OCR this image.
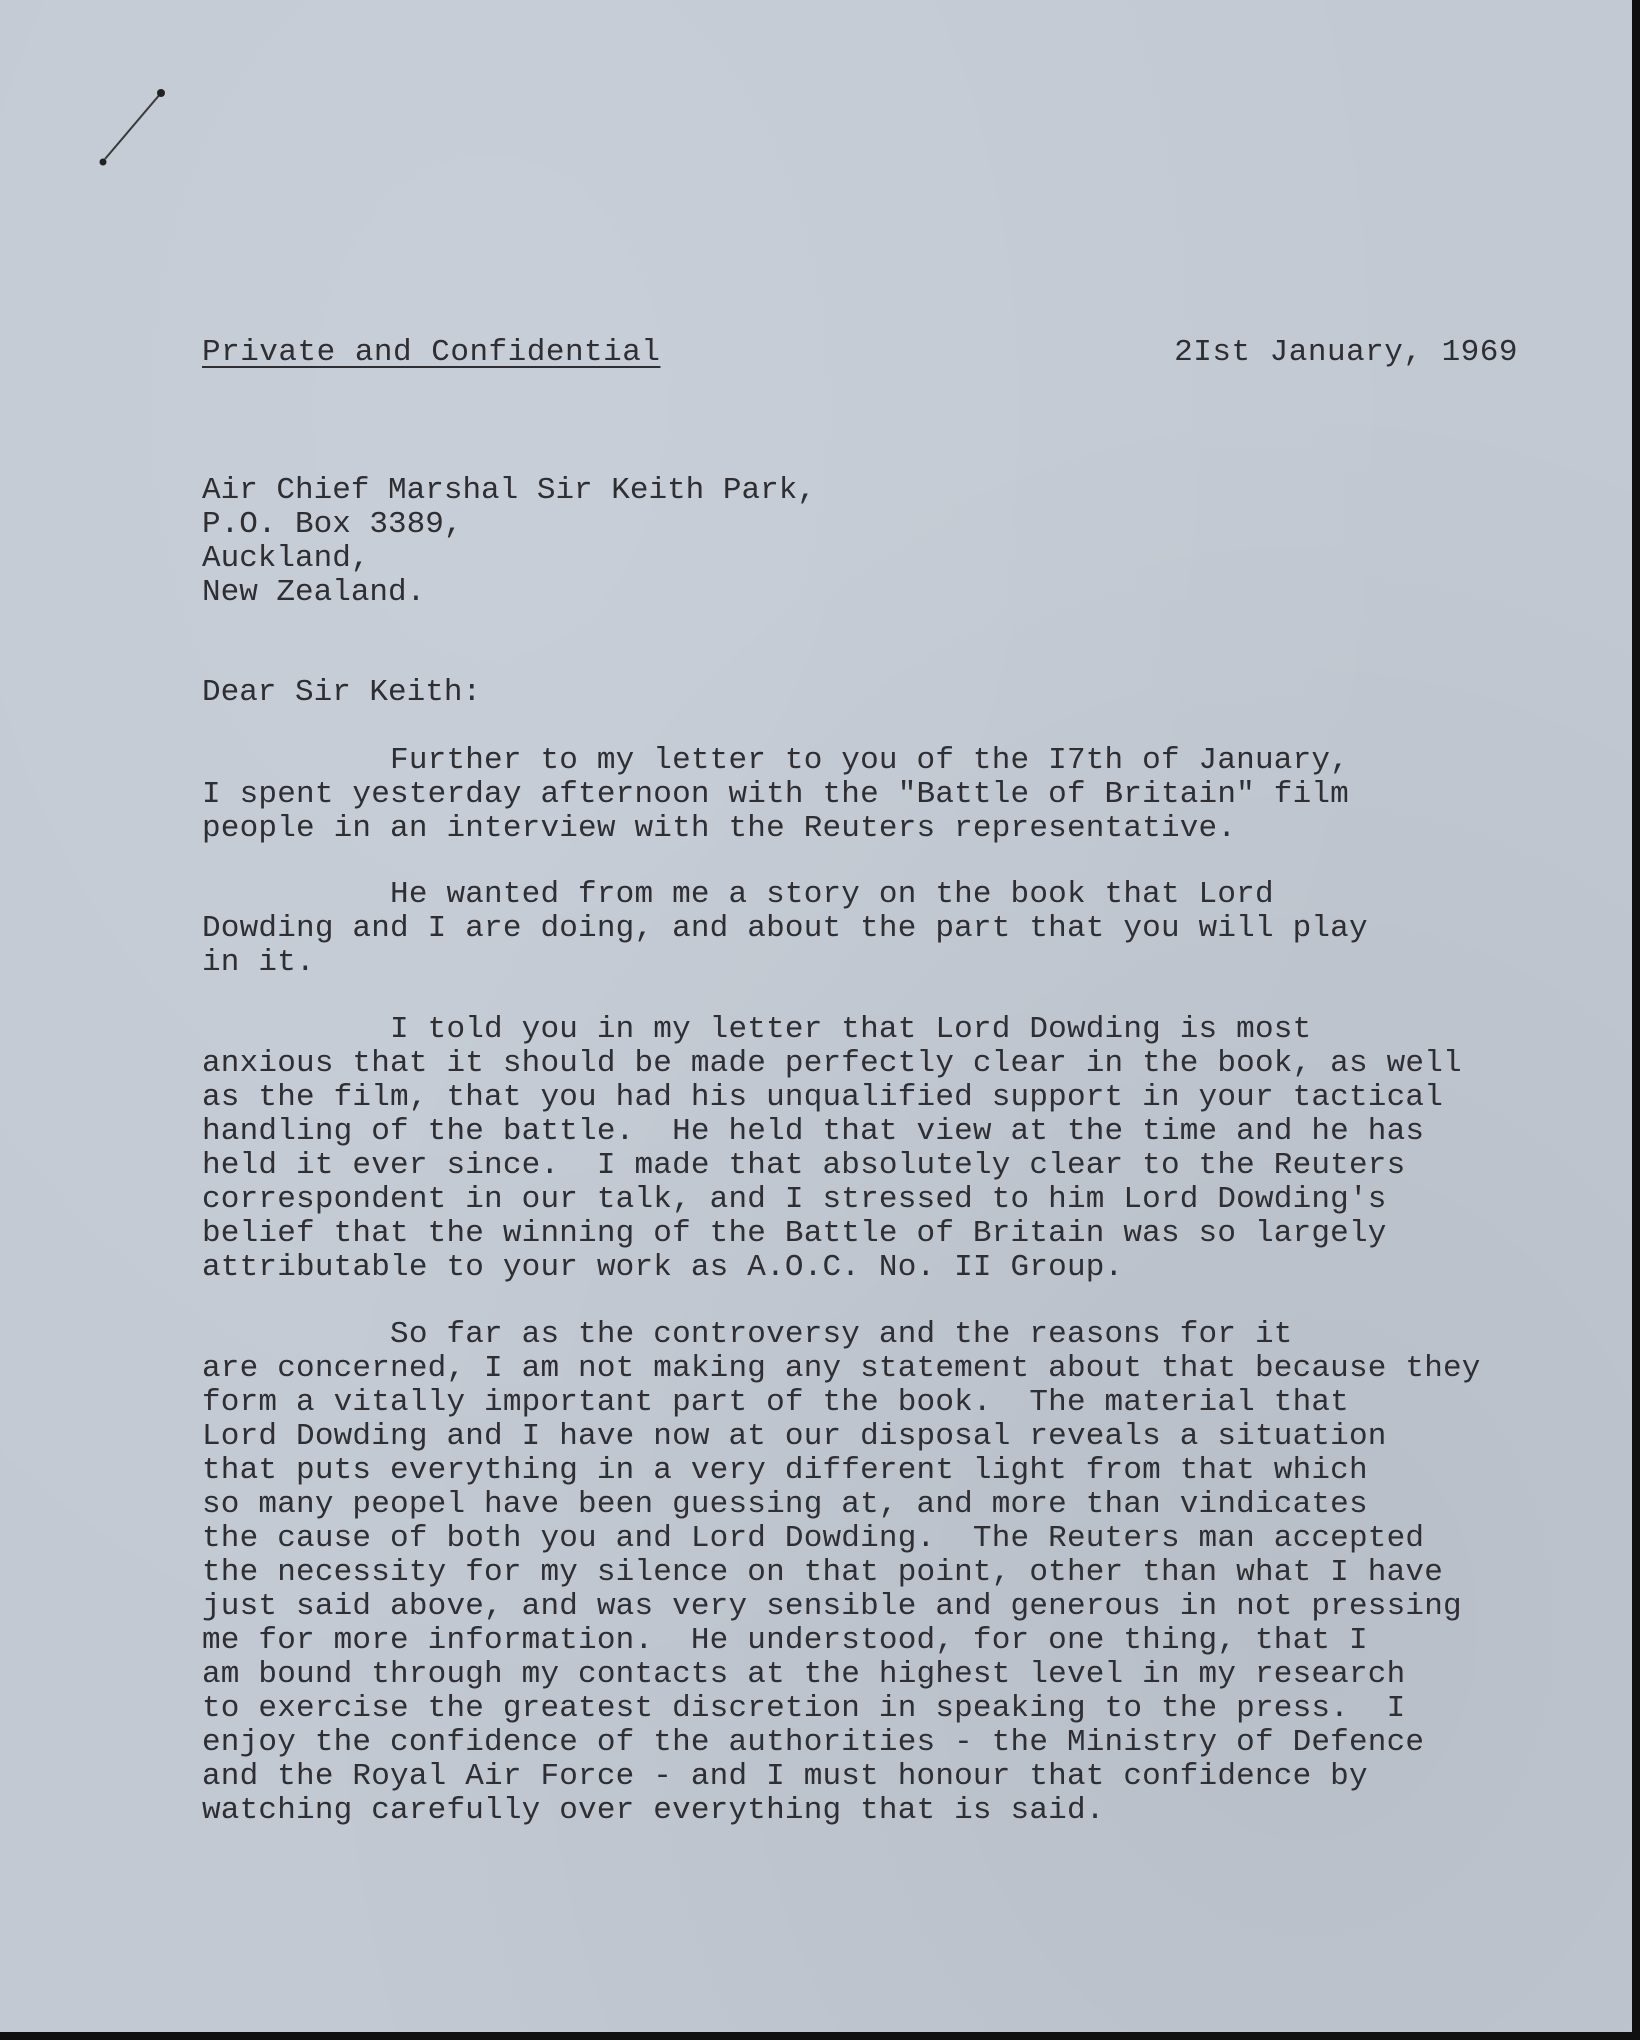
Private and Confidential	2Ist January, 1969
Air Chief Marshal Sir Keith Park,
P.O. Box 3389,
Auckland,
New Zealand.
Dear Sir Keith:
Further to my letter to you of the I7th of January,
I spent yesterday afternoon with the "Battle of Britain" film
people in an interview with the Reuters representative.
He wanted from me a story on the book that Lord
Dowding and I are doing, and about the part that you will play
in it.
I told you in my letter that Lord Dowding is most
anxious that it should be made perfectly clear in the book, as well
as the film, that you had his unqualified support in your tactical
handling of the battle.  He held that view at the time and he has
held it ever since.  I made that absolutely clear to the Reuters
correspondent in our talk, and I stressed to him Lord Dowding's
belief that the winning of the Battle of Britain was so largely
attributable to your work as A.O.C. No. II Group.
So far as the controversy and the reasons for it
are concerned, I am not making any statement about that because they
form a vitally important part of the book.  The material that
Lord Dowding and I have now at our disposal reveals a situation
that puts everything in a very different light from that which
so many peopel have been guessing at, and more than vindicates
the cause of both you and Lord Dowding.  The Reuters man accepted
the necessity for my silence on that point, other than what I have
just said above, and was very sensible and generous in not pressing
me for more information.  He understood, for one thing, that I
am bound through my contacts at the highest level in my research
to exercise the greatest discretion in speaking to the press.  I
enjoy the confidence of the authorities - the Ministry of Defence
and the Royal Air Force - and I must honour that confidence by
watching carefully over everything that is said.
